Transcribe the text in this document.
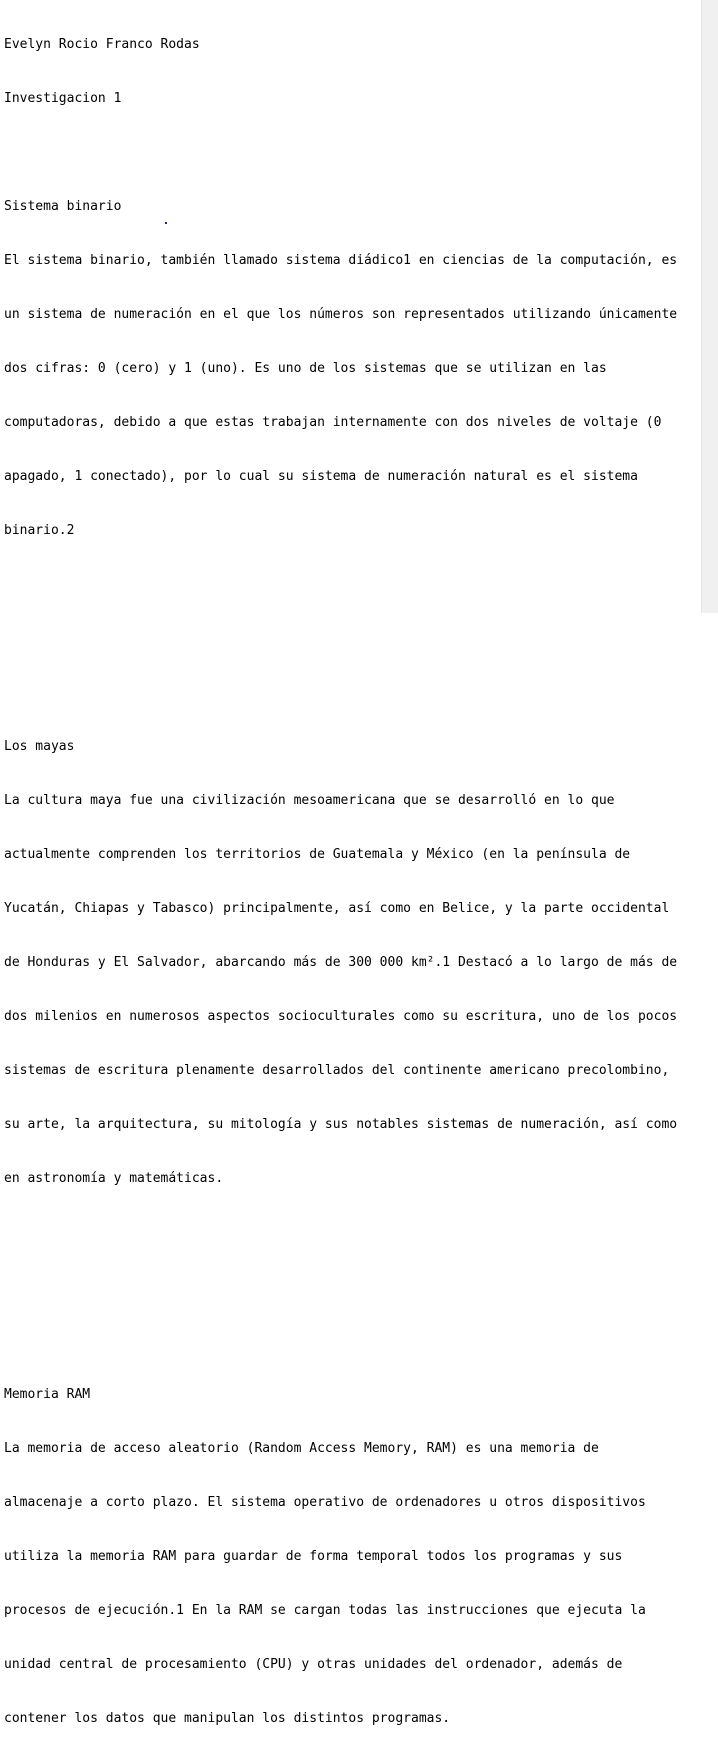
Evelyn Rocio Franco Rodas

Investigacion 1

Sistema binario

El sistema binario, también llamado sistema diádico1 en ciencias de la computación, es

un sistema de numeración en el que los números son representados utilizando únicamente

dos cifras: 0 (cero) y 1 (uno). Es uno de los sistemas que se utilizan en las

computadoras, debido a que estas trabajan internamente con dos niveles de voltaje (0

apagado, 1 conectado), por lo cual su sistema de numeración natural es el sistema

binario.2

Los mayas

La cultura maya fue una civilización mesoamericana que se desarrolló en lo que

actualmente comprenden los territorios de Guatemala y México (en la península de

Yucatán, Chiapas y Tabasco) principalmente, así como en Belice, y la parte occidental

de Honduras y El Salvador, abarcando más de 300 000 km².1 Destacó a lo largo de más de

dos milenios en numerosos aspectos socioculturales como su escritura, uno de los pocos

sistemas de escritura plenamente desarrollados del continente americano precolombino,

su arte, la arquitectura, su mitología y sus notables sistemas de numeración, así como

en astronomía y matemáticas.

Memoria RAM

La memoria de acceso aleatorio (Random Access Memory, RAM) es una memoria de

almacenaje a corto plazo. El sistema operativo de ordenadores u otros dispositivos

utiliza la memoria RAM para guardar de forma temporal todos los programas y sus

procesos de ejecución.1 En la RAM se cargan todas las instrucciones que ejecuta la

unidad central de procesamiento (CPU) y otras unidades del ordenador, además de

contener los datos que manipulan los distintos programas.
